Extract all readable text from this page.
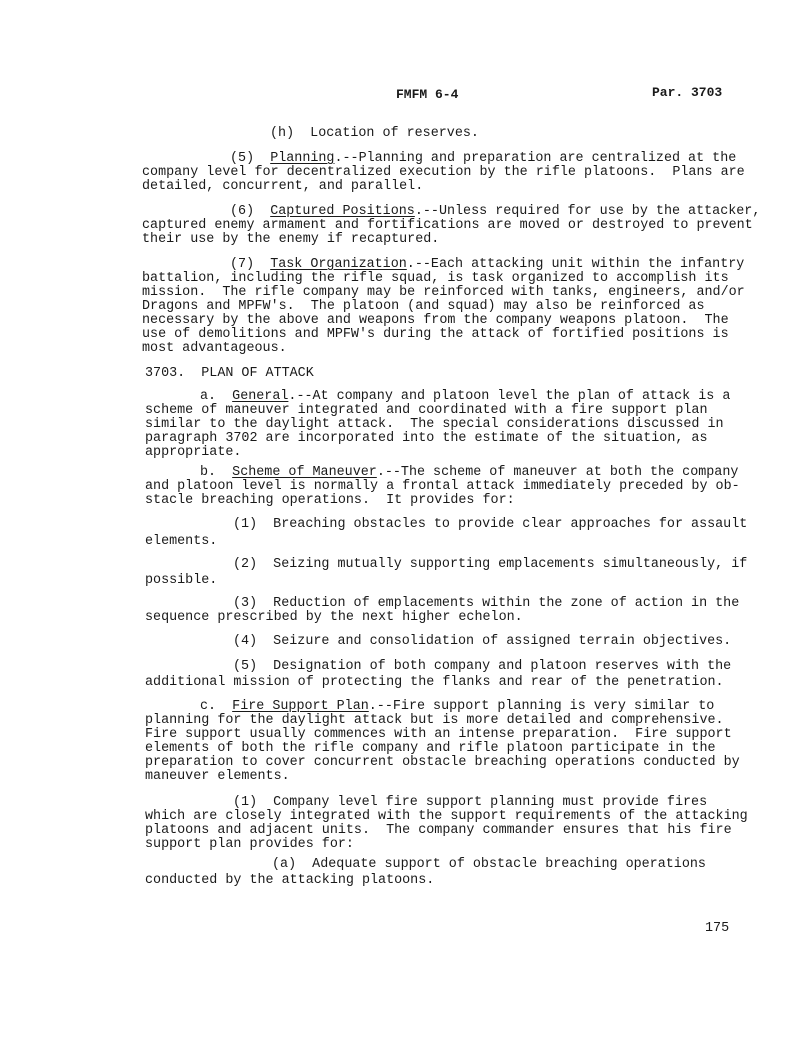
FMFM 6-4	Par. 3703
(h)  Location of reserves.
(5) Planning.--Planning and preparation are centralized at the
company level for decentralized execution by the rifle platoons.  Plans are
detailed, concurrent, and parallel.
(6) Captured Positions.--Unless required for use by the attacker,
captured enemy armament and fortifications are moved or destroyed to prevent
their use by the enemy if recaptured.
(7) Task Organization.--Each attacking unit within the infantry
battalion, including the rifle squad, is task organized to accomplish its
mission.  The rifle company may be reinforced with tanks, engineers, and/or
Dragons and MPFW's.  The platoon (and squad) may also be reinforced as
necessary by the above and weapons from the company weapons platoon.  The
use of demolitions and MPFW's during the attack of fortified positions is
most advantageous.
3703.  PLAN OF ATTACK
a. General.--At company and platoon level the plan of attack is a
scheme of maneuver integrated and coordinated with a fire support plan
similar to the daylight attack.  The special considerations discussed in
paragraph 3702 are incorporated into the estimate of the situation, as
appropriate.
b. Scheme of Maneuver.--The scheme of maneuver at both the company
and platoon level is normally a frontal attack immediately preceded by ob-
stacle breaching operations.  It provides for:
(1)  Breaching obstacles to provide clear approaches for assault
elements.
(2)  Seizing mutually supporting emplacements simultaneously, if
possible.
(3)  Reduction of emplacements within the zone of action in the
sequence prescribed by the next higher echelon.
(4)  Seizure and consolidation of assigned terrain objectives.
(5)  Designation of both company and platoon reserves with the
additional mission of protecting the flanks and rear of the penetration.
c. Fire Support Plan.--Fire support planning is very similar to
planning for the daylight attack but is more detailed and comprehensive.
Fire support usually commences with an intense preparation.  Fire support
elements of both the rifle company and rifle platoon participate in the
preparation to cover concurrent obstacle breaching operations conducted by
maneuver elements.
(1)  Company level fire support planning must provide fires
which are closely integrated with the support requirements of the attacking
platoons and adjacent units.  The company commander ensures that his fire
support plan provides for:
(a)  Adequate support of obstacle breaching operations
conducted by the attacking platoons.
175
